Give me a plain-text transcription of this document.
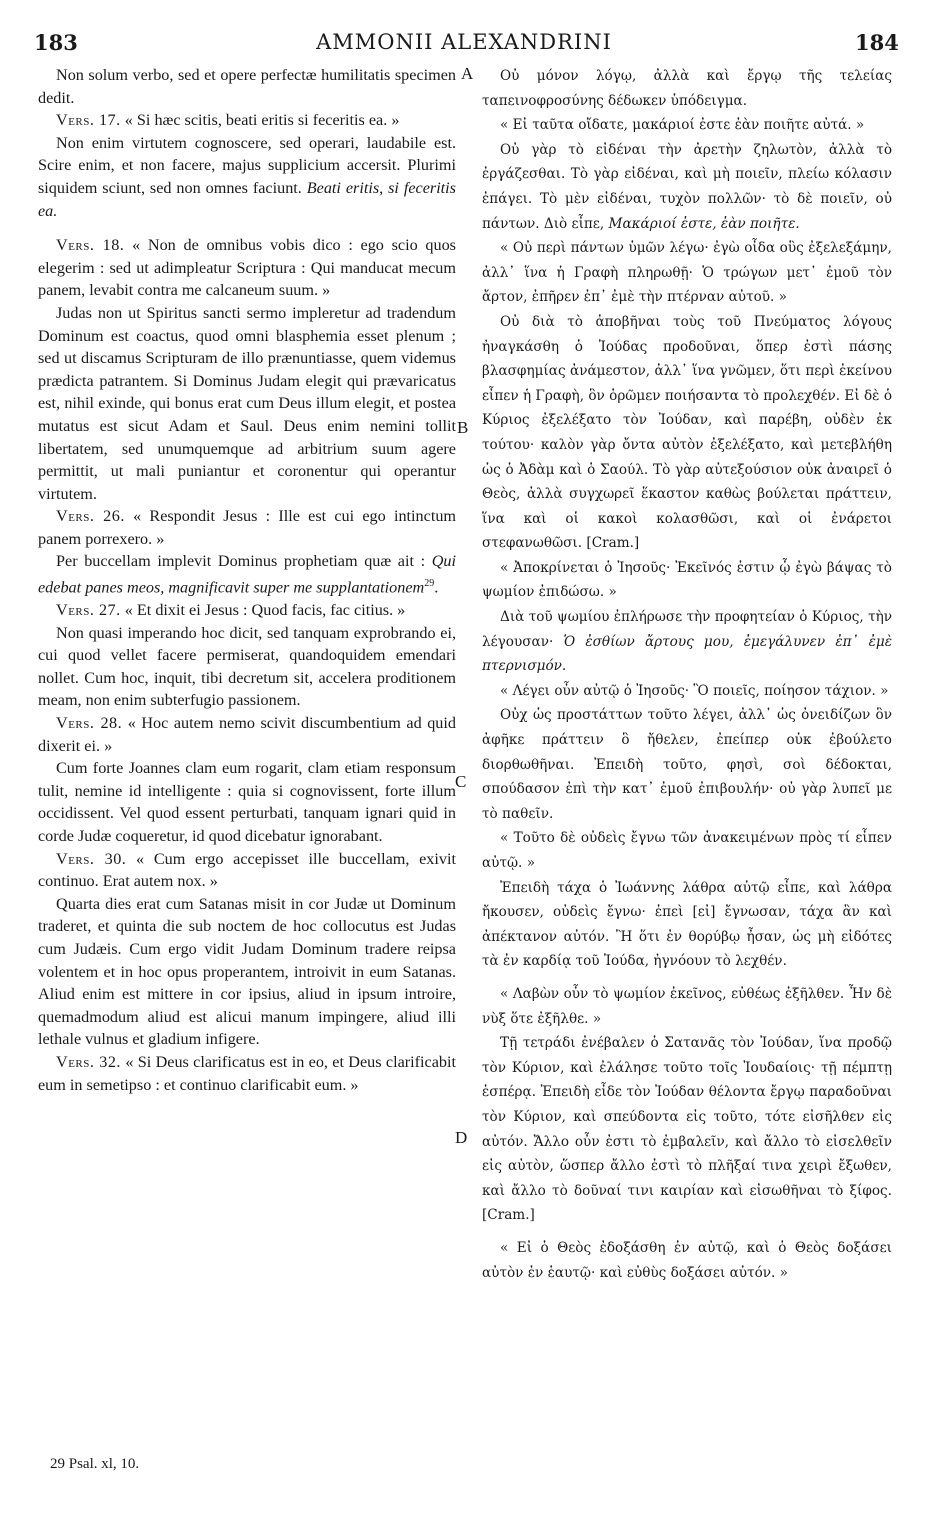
183	AMMONII ALEXANDRINI	184

Non solum verbo, sed et opere perfectæ humilitatis specimen dedit.

Vers. 17. « Si hæc scitis, beati eritis si feceritis ea. »

Non enim virtutem cognoscere, sed operari, laudabile est. Scire enim, et non facere, majus supplicium accersit. Plurimi siquidem sciunt, sed non omnes faciunt. Beati eritis, si feceritis ea.

Vers. 18. « Non de omnibus vobis dico : ego scio quos elegerim : sed ut adimpleatur Scriptura : Qui manducat mecum panem, levabit contra me calcaneum suum. »

Judas non ut Spiritus sancti sermo impleretur ad tradendum Dominum est coactus, quod omni blasphemia esset plenum ; sed ut discamus Scripturam de illo prænuntiasse, quem videmus prædicta patrantem. Si Dominus Judam elegit qui prævaricatus est, nihil exinde, qui bonus erat cum Deus illum elegit, et postea mutatus est sicut Adam et Saul. Deus enim nemini tollit libertatem, sed unumquemque ad arbitrium suum agere permittit, ut mali puniantur et coronentur qui operantur virtutem.

Vers. 26. « Respondit Jesus : Ille est cui ego intinctum panem porrexero. »

Per buccellam implevit Dominus prophetiam quæ ait : Qui edebat panes meos, magnificavit super me supplantationem$^{29}$.

Vers. 27. « Et dixit ei Jesus : Quod facis, fac citius. »

Non quasi imperando hoc dicit, sed tanquam exprobrando ei, cui quod vellet facere permiserat, quandoquidem emendari nollet. Cum hoc, inquit, tibi decretum sit, accelera proditionem meam, non enim subterfugio passionem.

Vers. 28. « Hoc autem nemo scivit discumbentium ad quid dixerit ei. »

Cum forte Joannes clam eum rogarit, clam etiam responsum tulit, nemine id intelligente : quia si cognovissent, forte illum occidissent. Vel quod essent perturbati, tanquam ignari quid in corde Judæ coqueretur, id quod dicebatur ignorabant.

Vers. 30. « Cum ergo accepisset ille buccellam, exivit continuo. Erat autem nox. »

Quarta dies erat cum Satanas misit in cor Judæ ut Dominum traderet, et quinta die sub noctem de hoc collocutus est Judas cum Judæis. Cum ergo vidit Judam Dominum tradere reipsa volentem et in hoc opus properantem, introivit in eum Satanas. Aliud enim est mittere in cor ipsius, aliud in ipsum introire, quemadmodum aliud est alicui manum impingere, aliud illi lethale vulnus et gladium infigere.

Vers. 32. « Si Deus clarificatus est in eo, et Deus clarificabit eum in semetipso : et continuo clarificabit eum. »

Οὐ μόνον λόγῳ, ἀλλὰ καὶ ἔργῳ τῆς τελείας ταπεινοφροσύνης δέδωκεν ὑπόδειγμα.

« Εἰ ταῦτα οἴδατε, μακάριοί ἐστε ἐὰν ποιῆτε αὐτά. »

Οὐ γὰρ τὸ εἰδέναι τὴν ἀρετὴν ζηλωτὸν, ἀλλὰ τὸ ἐργάζεσθαι. Τὸ γὰρ εἰδέναι, καὶ μὴ ποιεῖν, πλείω κόλασιν ἐπάγει. Τὸ μὲν εἰδέναι, τυχὸν πολλῶν· τὸ δὲ ποιεῖν, οὐ πάντων. Διὸ εἶπε, Μακάριοί ἐστε, ἐὰν ποιῆτε.

« Οὐ περὶ πάντων ὑμῶν λέγω· ἐγὼ οἶδα οὓς ἐξελεξάμην, ἀλλ᾽ ἵνα ἡ Γραφὴ πληρωθῇ· Ὁ τρώγων μετ᾽ ἐμοῦ τὸν ἄρτον, ἐπῆρεν ἐπ᾽ ἐμὲ τὴν πτέρναν αὐτοῦ. »

Οὐ διὰ τὸ ἀποβῆναι τοὺς τοῦ Πνεύματος λόγους ἠναγκάσθη ὁ Ἰούδας προδοῦναι, ὅπερ ἐστὶ πάσης βλασφημίας ἀνάμεστον, ἀλλ᾽ ἵνα γνῶμεν, ὅτι περὶ ἐκείνου εἶπεν ἡ Γραφὴ, ὃν ὁρῶμεν ποιήσαντα τὸ προλεχθέν. Εἰ δὲ ὁ Κύριος ἐξελέξατο τὸν Ἰούδαν, καὶ παρέβη, οὐδὲν ἐκ τούτου· καλὸν γὰρ ὄντα αὐτὸν ἐξελέξατο, καὶ μετεβλήθη ὡς ὁ Ἀδὰμ καὶ ὁ Σαούλ. Τὸ γὰρ αὐτεξούσιον οὐκ ἀναιρεῖ ὁ Θεὸς, ἀλλὰ συγχωρεῖ ἕκαστον καθὼς βούλεται πράττειν, ἵνα καὶ οἱ κακοὶ κολασθῶσι, καὶ οἱ ἐνάρετοι στεφανωθῶσι. [Cram.]

« Ἀποκρίνεται ὁ Ἰησοῦς· Ἐκεῖνός ἐστιν ᾧ ἐγὼ βάψας τὸ ψωμίον ἐπιδώσω. »

Διὰ τοῦ ψωμίου ἐπλήρωσε τὴν προφητείαν ὁ Κύριος, τὴν λέγουσαν· Ὁ ἐσθίων ἄρτους μου, ἐμεγάλυνεν ἐπ᾽ ἐμὲ πτερνισμόν.

« Λέγει οὖν αὐτῷ ὁ Ἰησοῦς· Ὃ ποιεῖς, ποίησον τάχιον. »

Οὐχ ὡς προστάττων τοῦτο λέγει, ἀλλ᾽ ὡς ὀνειδίζων ὃν ἀφῆκε πράττειν ὃ ἤθελεν, ἐπείπερ οὐκ ἐβούλετο διορθωθῆναι. Ἐπειδὴ τοῦτο, φησὶ, σοὶ δέδοκται, σπούδασον ἐπὶ τὴν κατ᾽ ἐμοῦ ἐπιβουλήν· οὐ γὰρ λυπεῖ με τὸ παθεῖν.

« Τοῦτο δὲ οὐδεὶς ἔγνω τῶν ἀνακειμένων πρὸς τί εἶπεν αὐτῷ. »

Ἐπειδὴ τάχα ὁ Ἰωάννης λάθρα αὐτῷ εἶπε, καὶ λάθρα ἤκουσεν, οὐδεὶς ἔγνω· ἐπεὶ [εἰ] ἔγνωσαν, τάχα ἂν καὶ ἀπέκτανον αὐτόν. Ἢ ὅτι ἐν θορύβῳ ἦσαν, ὡς μὴ εἰδότες τὰ ἐν καρδίᾳ τοῦ Ἰούδα, ἠγνόουν τὸ λεχθέν.

« Λαβὼν οὖν τὸ ψωμίον ἐκεῖνος, εὐθέως ἐξῆλθεν. Ἦν δὲ νὺξ ὅτε ἐξῆλθε. »

Τῇ τετράδι ἐνέβαλεν ὁ Σατανᾶς τὸν Ἰούδαν, ἵνα προδῷ τὸν Κύριον, καὶ ἐλάλησε τοῦτο τοῖς Ἰουδαίοις· τῇ πέμπτῃ ἑσπέρᾳ. Ἐπειδὴ εἶδε τὸν Ἰούδαν θέλοντα ἔργῳ παραδοῦναι τὸν Κύριον, καὶ σπεύδοντα εἰς τοῦτο, τότε εἰσῆλθεν εἰς αὐτόν. Ἄλλο οὖν ἐστι τὸ ἐμβαλεῖν, καὶ ἄλλο τὸ εἰσελθεῖν εἰς αὐτὸν, ὥσπερ ἄλλο ἐστὶ τὸ πλῆξαί τινα χειρὶ ἔξωθεν, καὶ ἄλλο τὸ δοῦναί τινι καιρίαν καὶ εἰσωθῆναι τὸ ξίφος. [Cram.]

« Εἰ ὁ Θεὸς ἐδοξάσθη ἐν αὐτῷ, καὶ ὁ Θεὸς δοξάσει αὐτὸν ἐν ἑαυτῷ· καὶ εὐθὺς δοξάσει αὐτόν. »

A
B
C
D
29 Psal. xl, 10.
